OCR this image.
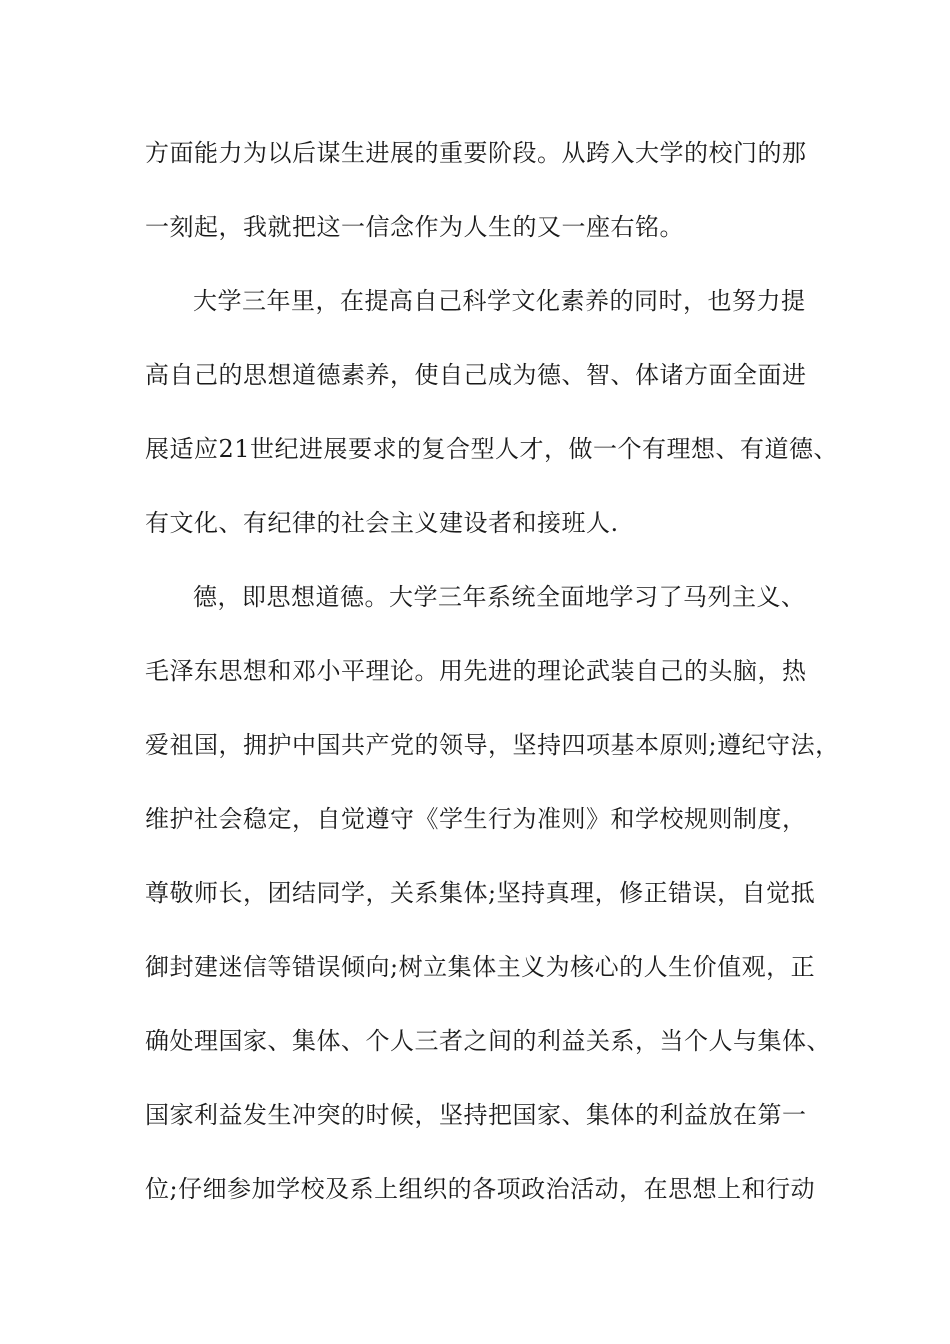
方面能力为以后谋生进展的重要阶段。从跨入大学的校门的那
一刻起，我就把这一信念作为人生的又一座右铭。
大学三年里，在提高自己科学文化素养的同时，也努力提
高自己的思想道德素养，使自己成为德、智、体诸方面全面进
展适应21世纪进展要求的复合型人才，做一个有理想、有道德、
有文化、有纪律的社会主义建设者和接班人.
德，即思想道德。大学三年系统全面地学习了马列主义、
毛泽东思想和邓小平理论。用先进的理论武装自己的头脑，热
爱祖国，拥护中国共产党的领导，坚持四项基本原则;遵纪守法，
维护社会稳定，自觉遵守《学生行为准则》和学校规则制度，
尊敬师长，团结同学，关系集体;坚持真理，修正错误，自觉抵
御封建迷信等错误倾向;树立集体主义为核心的人生价值观，正
确处理国家、集体、个人三者之间的利益关系，当个人与集体、
国家利益发生冲突的时候，坚持把国家、集体的利益放在第一
位;仔细参加学校及系上组织的各项政治活动，在思想上和行动
